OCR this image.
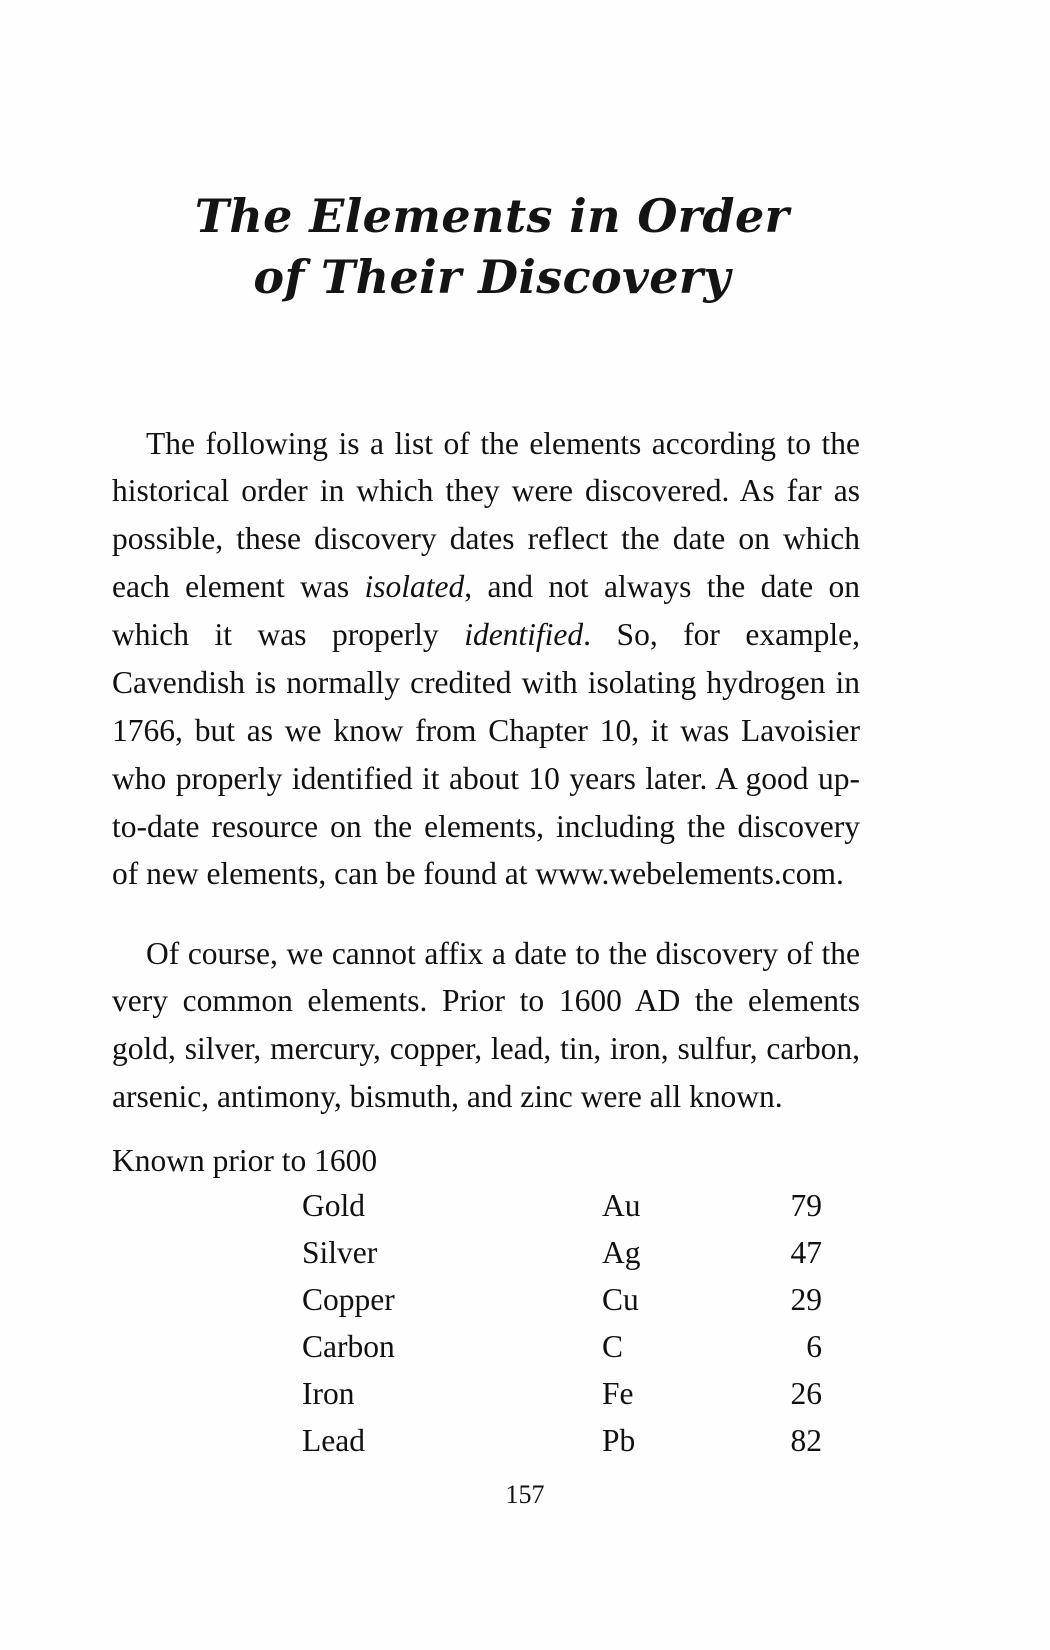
The Elements in Order
of Their Discovery

The following is a list of the elements according to the historical order in which they were discovered. As far as possible, these discovery dates reflect the date on which each element was isolated, and not always the date on which it was properly identified. So, for example, Cavendish is normally credited with isolating hydrogen in 1766, but as we know from Chapter 10, it was Lavoisier who properly identified it about 10 years later. A good up-to-date resource on the elements, including the discovery of new elements, can be found at www.webelements.com.

Of course, we cannot affix a date to the discovery of the very common elements. Prior to 1600 AD the elements gold, silver, mercury, copper, lead, tin, iron, sulfur, carbon, arsenic, antimony, bismuth, and zinc were all known.

Known prior to 1600

Gold	Au	79
Silver	Ag	47
Copper	Cu	29
Carbon	C	6
Iron	Fe	26
Lead	Pb	82
157
